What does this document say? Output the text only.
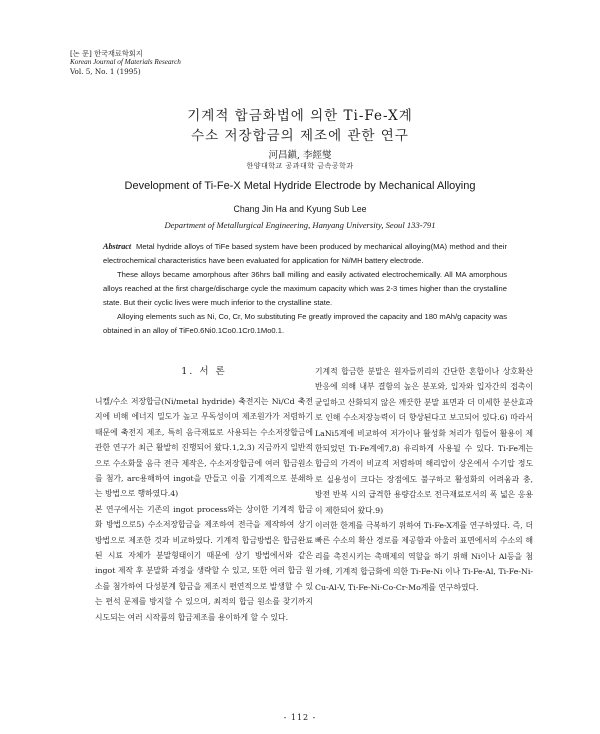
[논 문] 한국재료학회지
Korean Journal of Materials Research
Vol. 5, No. 1 (1995)
기계적 합금화법에 의한 Ti-Fe-X계
수소 저장합금의 제조에 관한 연구
河昌鎭, 李經燮
한양대학교 공과대학 금속공학과
Development of Ti-Fe-X Metal Hydride Electrode by Mechanical Alloying
Chang Jin Ha and Kyung Sub Lee
Department of Metallurgical Engineering, Hanyang University, Seoul 133-791

Abstract Metal hydride alloys of TiFe based system have been produced by mechanical alloying(MA) method and their electrochemical characteristics have been evaluated for application for Ni/MH battery electrode.

These alloys became amorphous after 36hrs ball milling and easily activated electrochemically. All MA amorphous alloys reached at the first charge/discharge cycle the maximum capacity which was 2-3 times higher than the crystalline state. But their cyclic lives were much inferior to the crystalline state.

Alloying elements such as Ni, Co, Cr, Mo substituting Fe greatly improved the capacity and 180 mAh/g capacity was obtained in an alloy of TiFe0.6Ni0.1Co0.1Cr0.1Mo0.1.

1. 서 론

니켈/수소 저장합금(Ni/metal hydride) 축전지는 Ni/Cd 축전지에 비해 에너지 밀도가 높고 무독성이며 제조원가가 저렴하기 때문에 축전지 제조, 특히 음극재료로 사용되는 수소저장합금에 관한 연구가 최근 활발히 진행되어 왔다.1,2,3) 지금까지 일반적으로 수소화물 음극 전극 제작은, 수소저장합금에 여러 합금원소를 첨가, arc용해하여 ingot을 만들고 이를 기계적으로 분쇄하는 방법으로 행하였다.4)

본 연구에서는 기존의 ingot process와는 상이한 기계적 합금화 방법으로5) 수소저장합금을 제조하여 전극을 제작하여 상기 방법으로 제조한 것과 비교하였다. 기계적 합금방법은 합금완료된 시료 자체가 분말형태이기 때문에 상기 방법에서와 같은 ingot 제작 후 분말화 과정을 생략할 수 있고, 또한 여러 합금 원소를 첨가하여 다성분계 합금을 제조시 편연적으로 발생할 수 있는 편석 문제를 방지할 수 있으며, 최적의 합금 원소를 찾기까지 시도되는 여러 시작품의 합금제조를 용이하게 할 수 있다.

기계적 합금한 분말은 원자들끼리의 간단한 혼합이나 상호확산 반응에 의해 내부 결함의 높은 분포와, 입자와 입자간의 접촉이 균일하고 산화되지 않은 깨끗한 분말 표면과 더 미세한 분산효과로 인해 수소저장능력이 더 향상된다고 보고되어 있다.6) 따라서 LaNi5계에 비교하여 저가이나 활성화 처리가 힘들어 활용이 제한되었던 Ti-Fe계에7,8) 유리하게 사용될 수 있다. Ti-Fe계는 합금의 가격이 비교적 저렴하며 해리압이 상온에서 수기압 정도로 실용성이 크다는 장점에도 불구하고 활성화의 어려움과 충, 방전 반복 시의 급격한 용량감소로 전극재료로서의 폭 넓은 응용이 제한되어 왔다.9)

이러한 한계를 극복하기 위하여 Ti-Fe-X계를 연구하였다. 즉, 더 빠른 수소의 확산 경로를 제공함과 아울러 표면에서의 수소의 해리를 촉진시키는 촉매제의 역할을 하기 위해 Ni이나 Al등을 첨가해, 기계적 합금화에 의한 Ti-Fe-Ni 이나 Ti-Fe-Al, Ti-Fe-Ni-Cu-Al-V, Ti-Fe-Ni-Co-Cr-Mo계를 연구하였다.

- 112 -
